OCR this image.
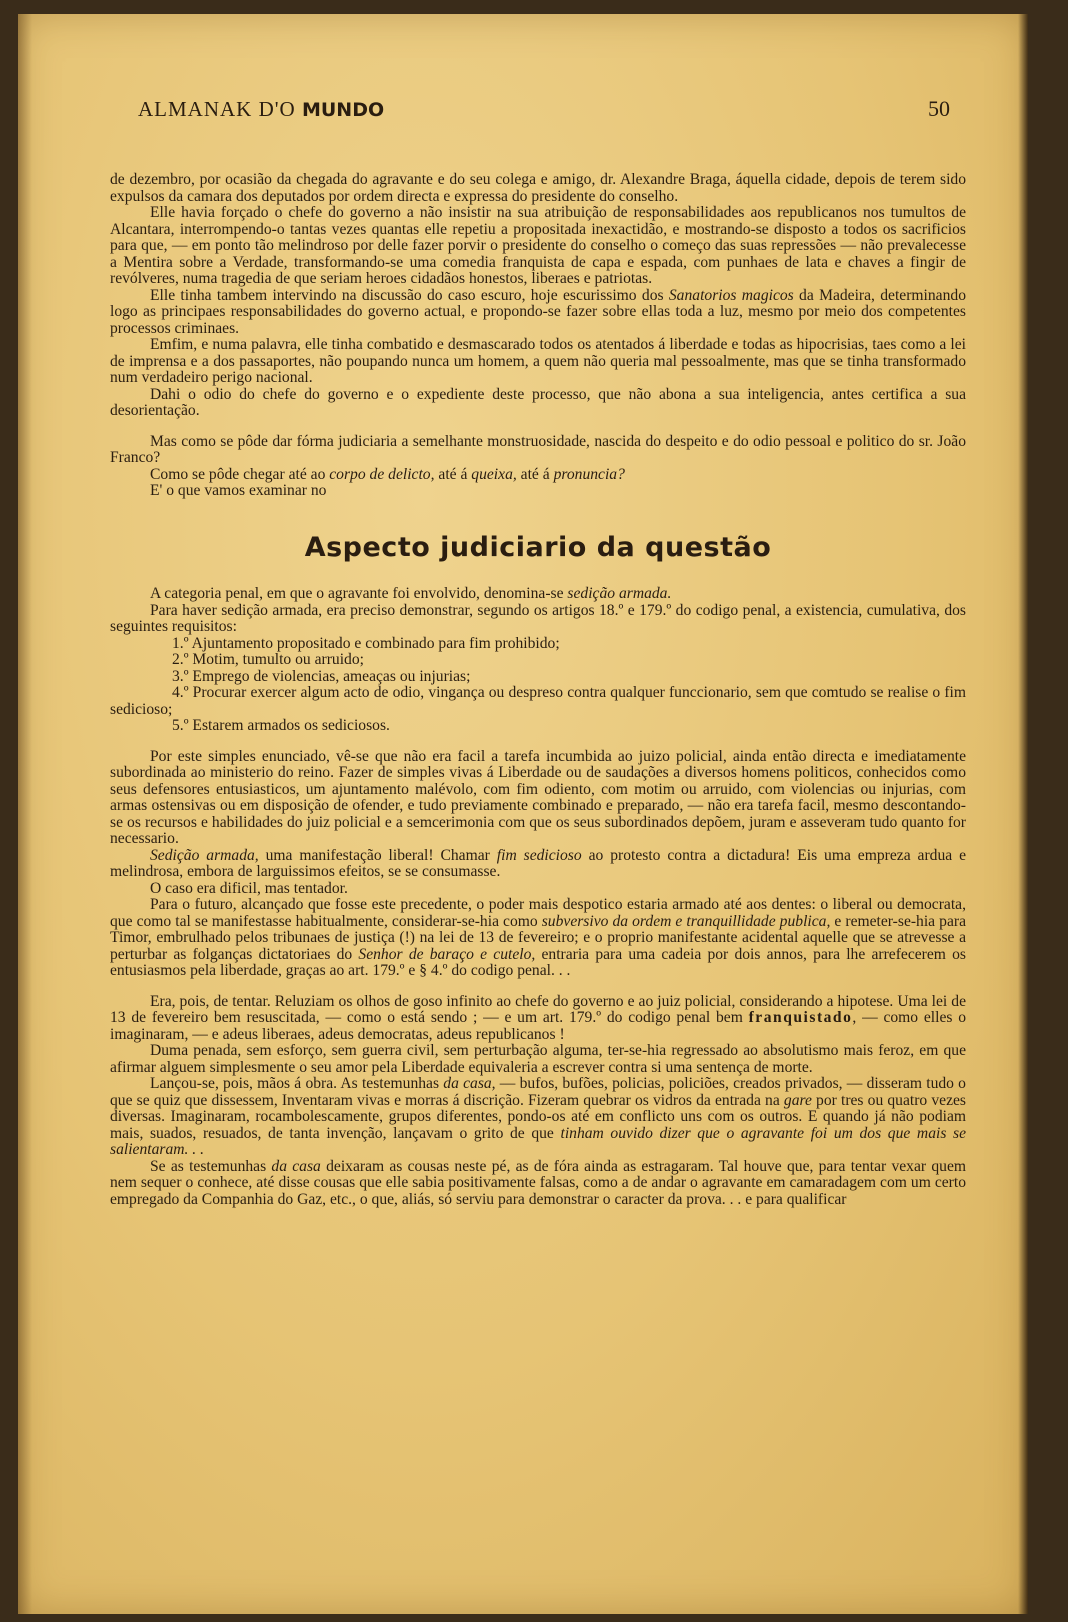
ALMANAK D'O MUNDO	50

de dezembro, por ocasião da chegada do agravante e do seu colega e amigo, dr. Alexandre Braga, áquella cidade, depois de terem sido expulsos da camara dos deputados por ordem directa e expressa do presidente do conselho.

Elle havia forçado o chefe do governo a não insistir na sua atribuição de responsabilidades aos republicanos nos tumultos de Alcantara, interrompendo-o tantas vezes quantas elle repetiu a propositada inexactidão, e mostrando-se disposto a todos os sacrificios para que, — em ponto tão melindroso por delle fazer porvir o presidente do conselho o começo das suas repressões — não prevalecesse a Mentira sobre a Verdade, transformando-se uma comedia franquista de capa e espada, com punhaes de lata e chaves a fingir de revólveres, numa tragedia de que seriam heroes cidadãos honestos, liberaes e patriotas.

Elle tinha tambem intervindo na discussão do caso escuro, hoje escurissimo dos Sanatorios magicos da Madeira, determinando logo as principaes responsabilidades do governo actual, e propondo-se fazer sobre ellas toda a luz, mesmo por meio dos competentes processos criminaes.

Emfim, e numa palavra, elle tinha combatido e desmascarado todos os atentados á liberdade e todas as hipocrisias, taes como a lei de imprensa e a dos passaportes, não poupando nunca um homem, a quem não queria mal pessoalmente, mas que se tinha transformado num verdadeiro perigo nacional.

Dahi o odio do chefe do governo e o expediente deste processo, que não abona a sua inteligencia, antes certifica a sua desorientação.

Mas como se pôde dar fórma judiciaria a semelhante monstruosidade, nascida do despeito e do odio pessoal e politico do sr. João Franco?

Como se pôde chegar até ao corpo de delicto, até á queixa, até á pronuncia?

E' o que vamos examinar no

Aspecto judiciario da questão

A categoria penal, em que o agravante foi envolvido, denomina-se sedição armada.

Para haver sedição armada, era preciso demonstrar, segundo os artigos 18.º e 179.º do codigo penal, a existencia, cumulativa, dos seguintes requisitos:

1.º Ajuntamento propositado e combinado para fim prohibido;

2.º Motim, tumulto ou arruido;

3.º Emprego de violencias, ameaças ou injurias;

4.º Procurar exercer algum acto de odio, vingança ou despreso contra qualquer funccionario, sem que comtudo se realise o fim sedicioso;

5.º Estarem armados os sediciosos.

Por este simples enunciado, vê-se que não era facil a tarefa incumbida ao juizo policial, ainda então directa e imediatamente subordinada ao ministerio do reino. Fazer de simples vivas á Liberdade ou de saudações a diversos homens politicos, conhecidos como seus defensores entusiasticos, um ajuntamento malévolo, com fim odiento, com motim ou arruido, com violencias ou injurias, com armas ostensivas ou em disposição de ofender, e tudo previamente combinado e preparado, — não era tarefa facil, mesmo descontando-se os recursos e habilidades do juiz policial e a semcerimonia com que os seus subordinados depõem, juram e asseveram tudo quanto for necessario.

Sedição armada, uma manifestação liberal! Chamar fim sedicioso ao protesto contra a dictadura! Eis uma empreza ardua e melindrosa, embora de larguissimos efeitos, se se consumasse.

O caso era dificil, mas tentador.

Para o futuro, alcançado que fosse este precedente, o poder mais despotico estaria armado até aos dentes: o liberal ou democrata, que como tal se manifestasse habitualmente, considerar-se-hia como subversivo da ordem e tranquillidade publica, e remeter-se-hia para Timor, embrulhado pelos tribunaes de justiça (!) na lei de 13 de fevereiro; e o proprio manifestante acidental aquelle que se atrevesse a perturbar as folganças dictatoriaes do Senhor de baraço e cutelo, entraria para uma cadeia por dois annos, para lhe arrefecerem os entusiasmos pela liberdade, graças ao art. 179.º e § 4.º do codigo penal. . .

Era, pois, de tentar. Reluziam os olhos de goso infinito ao chefe do governo e ao juiz policial, considerando a hipotese. Uma lei de 13 de fevereiro bem resuscitada, — como o está sendo ; — e um art. 179.º do codigo penal bem franquistado, — como elles o imaginaram, — e adeus liberaes, adeus democratas, adeus republicanos !

Duma penada, sem esforço, sem guerra civil, sem perturbação alguma, ter-se-hia regressado ao absolutismo mais feroz, em que afirmar alguem simplesmente o seu amor pela Liberdade equivaleria a escrever contra si uma sentença de morte.

Lançou-se, pois, mãos á obra. As testemunhas da casa, — bufos, bufões, policias, policiões, creados privados, — disseram tudo o que se quiz que dissessem, Inventaram vivas e morras á discrição. Fizeram quebrar os vidros da entrada na gare por tres ou quatro vezes diversas. Imaginaram, rocambolescamente, grupos diferentes, pondo-os até em conflicto uns com os outros. E quando já não podiam mais, suados, resuados, de tanta invenção, lançavam o grito de que tinham ouvido dizer que o agravante foi um dos que mais se salientaram. . .

Se as testemunhas da casa deixaram as cousas neste pé, as de fóra ainda as estragaram. Tal houve que, para tentar vexar quem nem sequer o conhece, até disse cousas que elle sabia positivamente falsas, como a de andar o agravante em camaradagem com um certo empregado da Companhia do Gaz, etc., o que, aliás, só serviu para demonstrar o caracter da prova. . . e para qualificar
